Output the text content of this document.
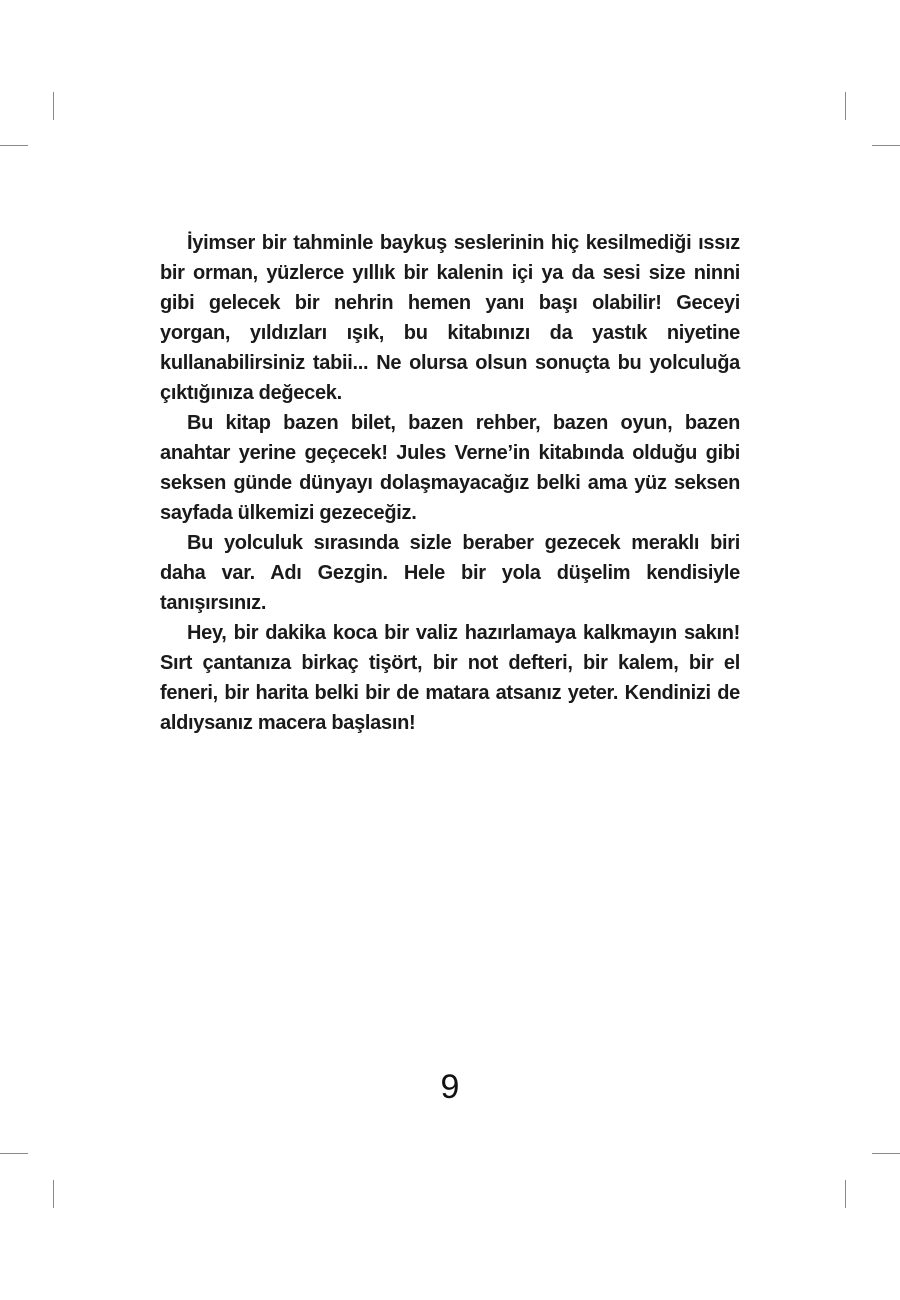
İyimser bir tahminle baykuş seslerinin hiç kesilmediği ıssız bir orman, yüzlerce yıllık bir kalenin içi ya da sesi size ninni gibi gelecek bir nehrin hemen yanı başı olabilir! Geceyi yorgan, yıldızları ışık, bu kitabınızı da yastık niyetine kullanabilirsiniz tabii... Ne olursa olsun sonuçta bu yolculuğa çıktığınıza değecek.

Bu kitap bazen bilet, bazen rehber, bazen oyun, bazen anahtar yerine geçecek! Jules Verne’in kitabında olduğu gibi seksen günde dünyayı dolaşmayacağız belki ama yüz seksen sayfada ülkemizi gezeceğiz.

Bu yolculuk sırasında sizle beraber gezecek meraklı biri daha var. Adı Gezgin. Hele bir yola düşelim kendisiyle tanışırsınız.

Hey, bir dakika koca bir valiz hazırlamaya kalkmayın sakın! Sırt çantanıza birkaç tişört, bir not defteri, bir kalem, bir el feneri, bir harita belki bir de matara atsanız yeter. Kendinizi de aldıysanız macera başlasın!

9
